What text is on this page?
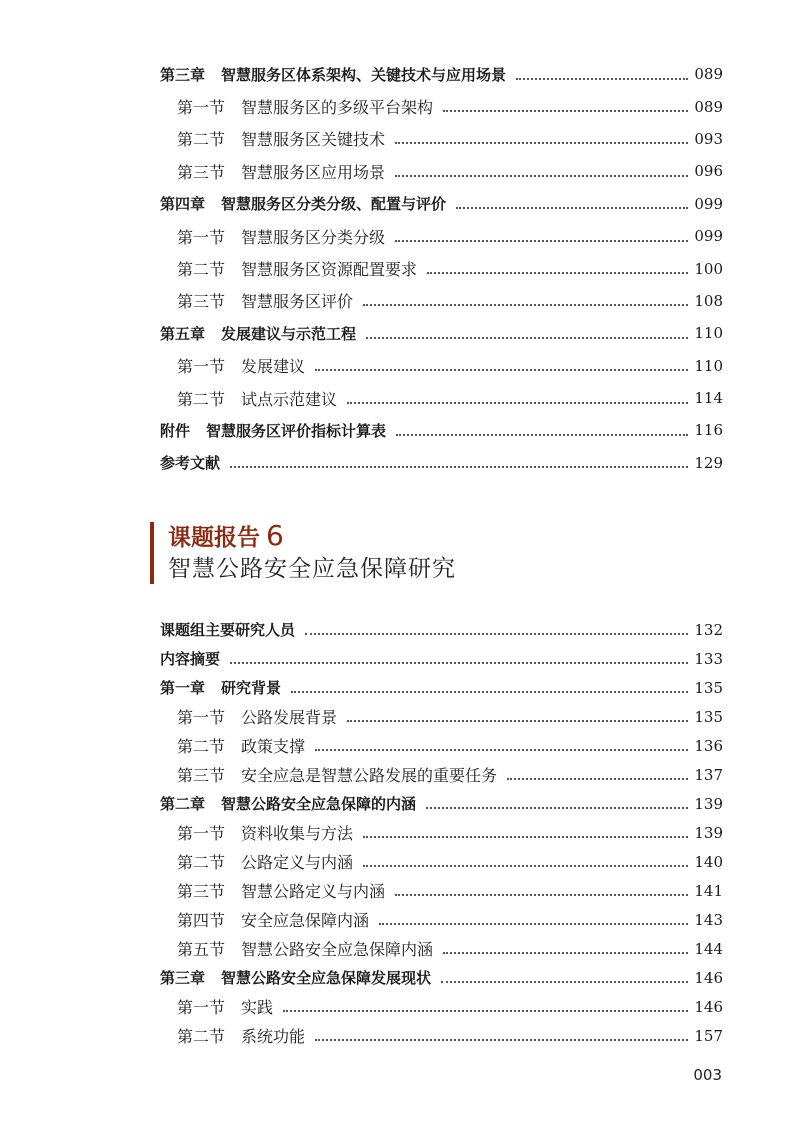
第三章 智慧服务区体系架构、关键技术与应用场景	089
第一节 智慧服务区的多级平台架构	089
第二节 智慧服务区关键技术	093
第三节 智慧服务区应用场景	096
第四章 智慧服务区分类分级、配置与评价	099
第一节 智慧服务区分类分级	099
第二节 智慧服务区资源配置要求	100
第三节 智慧服务区评价	108
第五章 发展建议与示范工程	110
第一节 发展建议	110
第二节 试点示范建议	114
附件 智慧服务区评价指标计算表	116
参考文献	129
课题报告 6
智慧公路安全应急保障研究
课题组主要研究人员	132
内容摘要	133
第一章 研究背景	135
第一节 公路发展背景	135
第二节 政策支撑	136
第三节 安全应急是智慧公路发展的重要任务	137
第二章 智慧公路安全应急保障的内涵	139
第一节 资料收集与方法	139
第二节 公路定义与内涵	140
第三节 智慧公路定义与内涵	141
第四节 安全应急保障内涵	143
第五节 智慧公路安全应急保障内涵	144
第三章 智慧公路安全应急保障发展现状	146
第一节 实践	146
第二节 系统功能	157
003
